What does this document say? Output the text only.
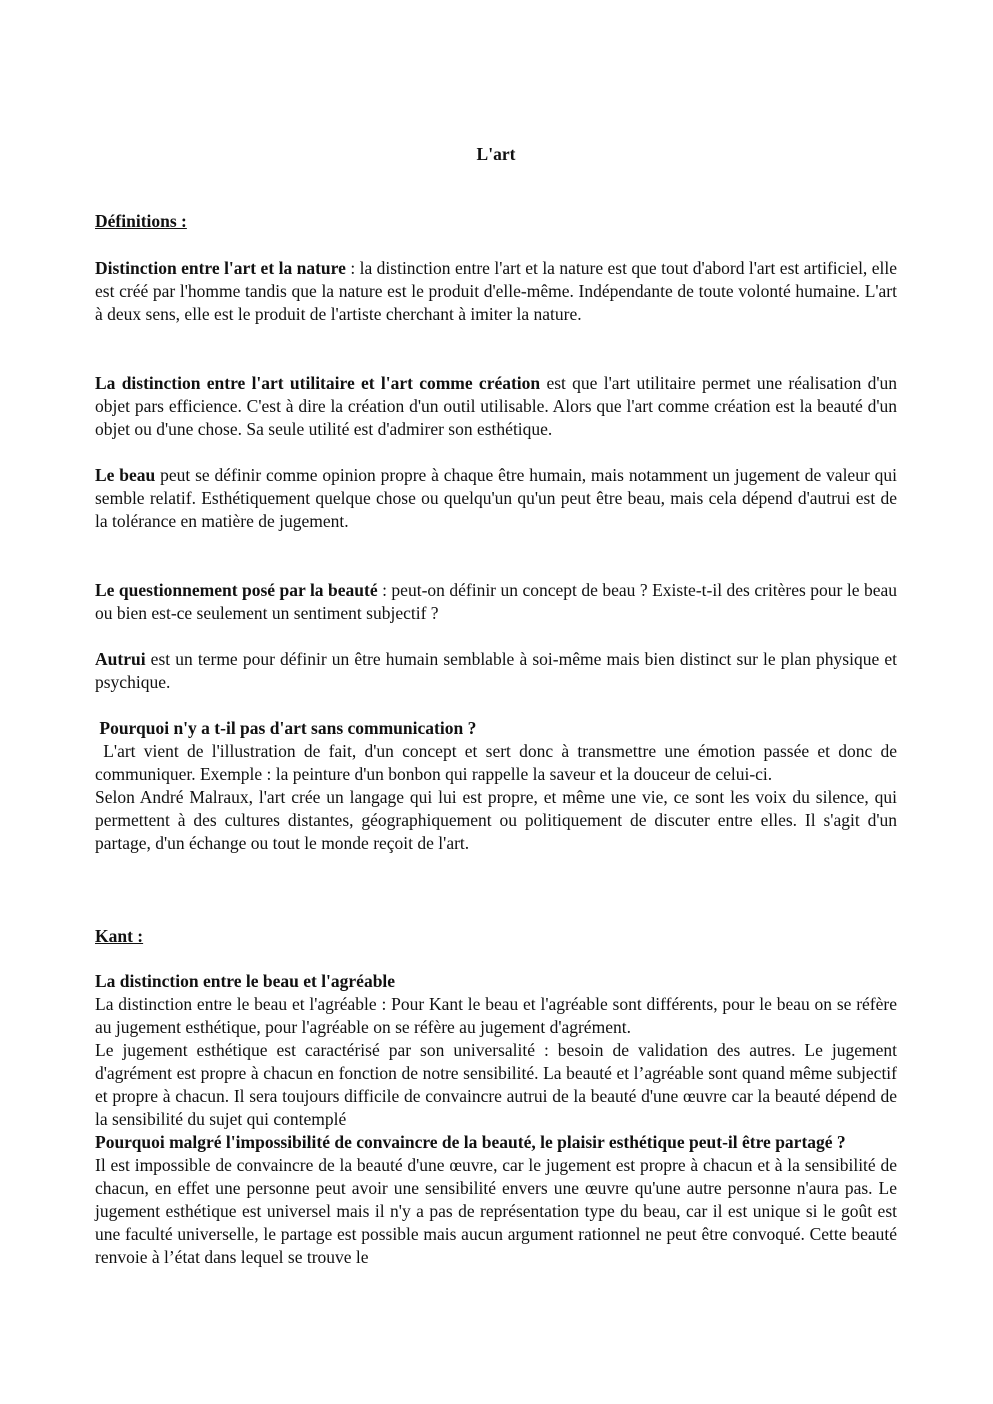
L'art
Définitions :

Distinction entre l'art et la nature : la distinction entre l'art et la nature est que tout d'abord l'art est artificiel, elle est créé par l'homme tandis que la nature est le produit d'elle-même. Indépendante de toute volonté humaine. L'art à deux sens, elle est le produit de l'artiste cherchant à imiter la nature.

La distinction entre l'art utilitaire et l'art comme création est que l'art utilitaire permet une réalisation d'un objet pars efficience. C'est à dire la création d'un outil utilisable. Alors que l'art comme création est la beauté d'un objet ou d'une chose. Sa seule utilité est d'admirer son esthétique.

Le beau peut se définir comme opinion propre à chaque être humain, mais notamment un jugement de valeur qui semble relatif. Esthétiquement quelque chose ou quelqu'un qu'un peut être beau, mais cela dépend d'autrui est de la tolérance en matière de jugement.

Le questionnement posé par la beauté : peut-on définir un concept de beau ? Existe-t-il des critères pour le beau ou bien est-ce seulement un sentiment subjectif ?

Autrui est un terme pour définir un être humain semblable à soi-même mais bien distinct sur le plan physique et psychique.

Pourquoi n'y a t-il pas d'art sans communication ?

L'art vient de l'illustration de fait, d'un concept et sert donc à transmettre une émotion passée et donc de communiquer. Exemple : la peinture d'un bonbon qui rappelle la saveur et la douceur de celui-ci.

Selon André Malraux, l'art crée un langage qui lui est propre, et même une vie, ce sont les voix du silence, qui permettent à des cultures distantes, géographiquement ou politiquement de discuter entre elles. Il s'agit d'un partage, d'un échange ou tout le monde reçoit de l'art.

Kant :

La distinction entre le beau et l'agréable

La distinction entre le beau et l'agréable : Pour Kant le beau et l'agréable sont différents, pour le beau on se réfère au jugement esthétique, pour l'agréable on se réfère au jugement d'agrément.

Le jugement esthétique est caractérisé par son universalité : besoin de validation des autres. Le jugement d'agrément est propre à chacun en fonction de notre sensibilité. La beauté et l’agréable sont quand même subjectif et propre à chacun. Il sera toujours difficile de convaincre autrui de la beauté d'une œuvre car la beauté dépend de la sensibilité du sujet qui contemplé

Pourquoi malgré l'impossibilité de convaincre de la beauté, le plaisir esthétique peut-il être partagé ?

Il est impossible de convaincre de la beauté d'une œuvre, car le jugement est propre à chacun et à la sensibilité de chacun, en effet une personne peut avoir une sensibilité envers une œuvre qu'une autre personne n'aura pas. Le jugement esthétique est universel mais il n'y a pas de représentation type du beau, car il est unique si le goût est une faculté universelle, le partage est possible mais aucun argument rationnel ne peut être convoqué. Cette beauté renvoie à l’état dans lequel se trouve le
